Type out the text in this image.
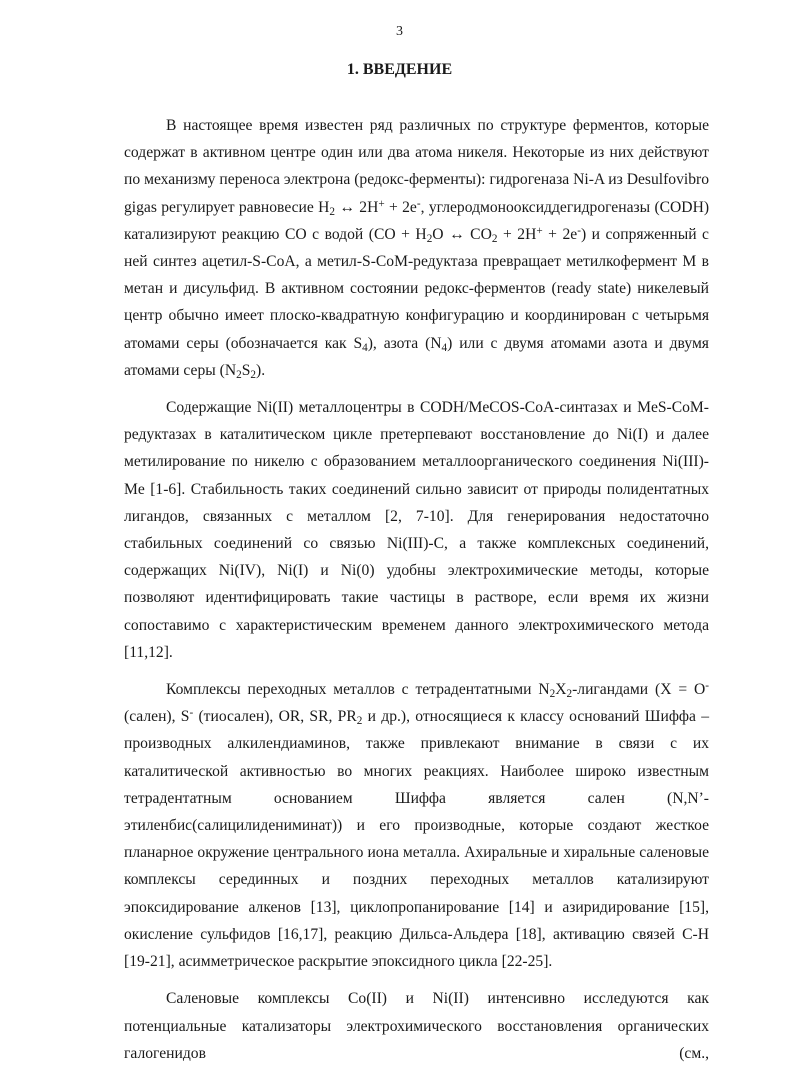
3
1. ВВЕДЕНИЕ

В настоящее время известен ряд различных по структуре ферментов, которые содержат в активном центре один или два атома никеля. Некоторые из них действуют по механизму переноса электрона (редокс-ферменты): гидрогеназа Ni-A из Desulfovibro gigas регулирует равновесие $H_2$ ↔ 2H+ + 2e-, углеродмонооксиддегидрогеназы (CODH) катализируют реакцию CO с водой ($CO + H_2O$ ↔ $CO_2 + 2H^+ + 2e^-$) и сопряженный с ней синтез ацетил-S-CoA, а метил-S-CoM-редуктаза превращает метилкофермент M в метан и дисульфид. В активном состоянии редокс-ферментов (ready state) никелевый центр обычно имеет плоско-квадратную конфигурацию и координирован с четырьмя атомами серы (обозначается как $S_4$), азота $(N_4)$ или с двумя атомами азота и двумя атомами серы $(N_2S_2)$.

Содержащие Ni(II) металлоцентры в CODH/MeCOS-CoA-синтазах и MeS-CoM-редуктазах в каталитическом цикле претерпевают восстановление до Ni(I) и далее метилирование по никелю с образованием металлоорганического соединения Ni(III)-Me [1-6]. Стабильность таких соединений сильно зависит от природы полидентатных лигандов, связанных с металлом [2, 7-10]. Для генерирования недостаточно стабильных соединений со связью Ni(III)-C, а также комплексных соединений, содержащих Ni(IV), Ni(I) и Ni(0) удобны электрохимические методы, которые позволяют идентифицировать такие частицы в растворе, если время их жизни сопоставимо с характеристическим временем данного электрохимического метода [11,12].

Комплексы переходных металлов с тетрадентатными $N_2X_2$-лигандами (X = O- (сален), S- (тиосален), OR, SR, $PR_2$ и др.), относящиеся к классу оснований Шиффа – производных алкилендиаминов, также привлекают внимание в связи с их каталитической активностью во многих реакциях. Наиболее широко известным тетрадентатным основанием Шиффа является сален (N,N’-этиленбис(салицилидениминат)) и его производные, которые создают жесткое планарное окружение центрального иона металла. Ахиральные и хиральные саленовые комплексы серединных и поздних переходных металлов катализируют эпоксидирование алкенов [13], циклопропанирование [14] и азиридирование [15], окисление сульфидов [16,17], реакцию Дильса-Альдера [18], активацию связей C-H [19-21], асимметрическое раскрытие эпоксидного цикла [22-25].

Саленовые комплексы Co(II) и Ni(II) интенсивно исследуются как потенциальные катализаторы электрохимического восстановления органических галогенидов (см.,
